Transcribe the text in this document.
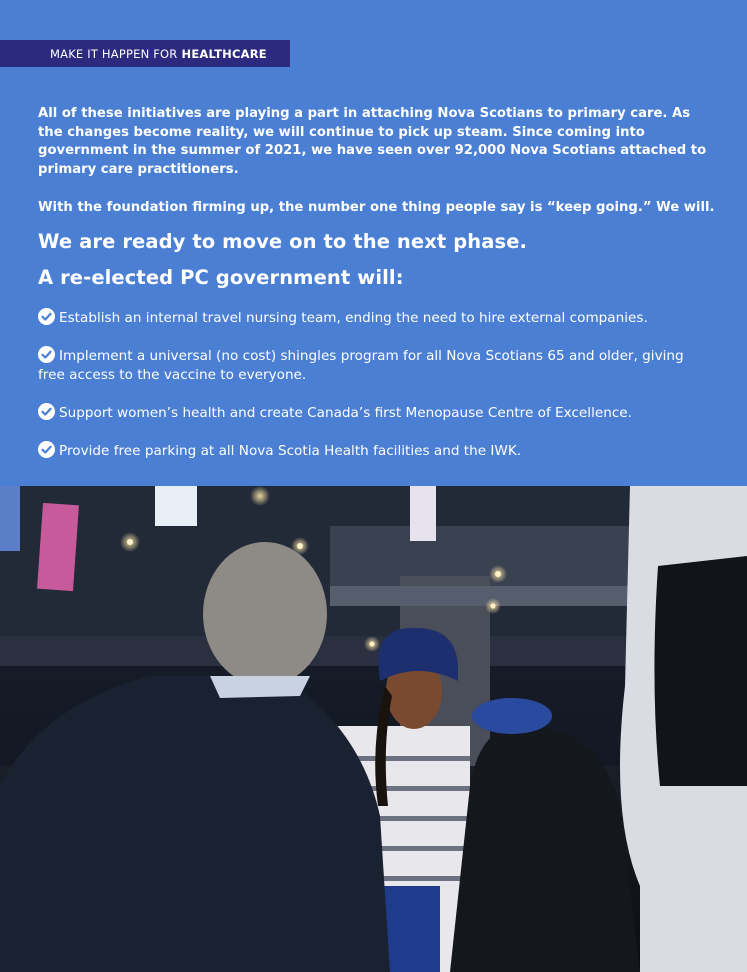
MAKE IT HAPPEN FOR HEALTHCARE

All of these initiatives are playing a part in attaching Nova Scotians to primary care. As the changes become reality, we will continue to pick up steam. Since coming into government in the summer of 2021, we have seen over 92,000 Nova Scotians attached to primary care practitioners.

With the foundation firming up, the number one thing people say is “keep going.” We will.

We are ready to move on to the next phase.
A re-elected PC government will:
Establish an internal travel nursing team, ending the need to hire external companies.
Implement a universal (no cost) shingles program for all Nova Scotians 65 and older, giving free access to the vaccine to everyone.
Support women’s health and create Canada’s first Menopause Centre of Excellence.
Provide free parking at all Nova Scotia Health facilities and the IWK.
